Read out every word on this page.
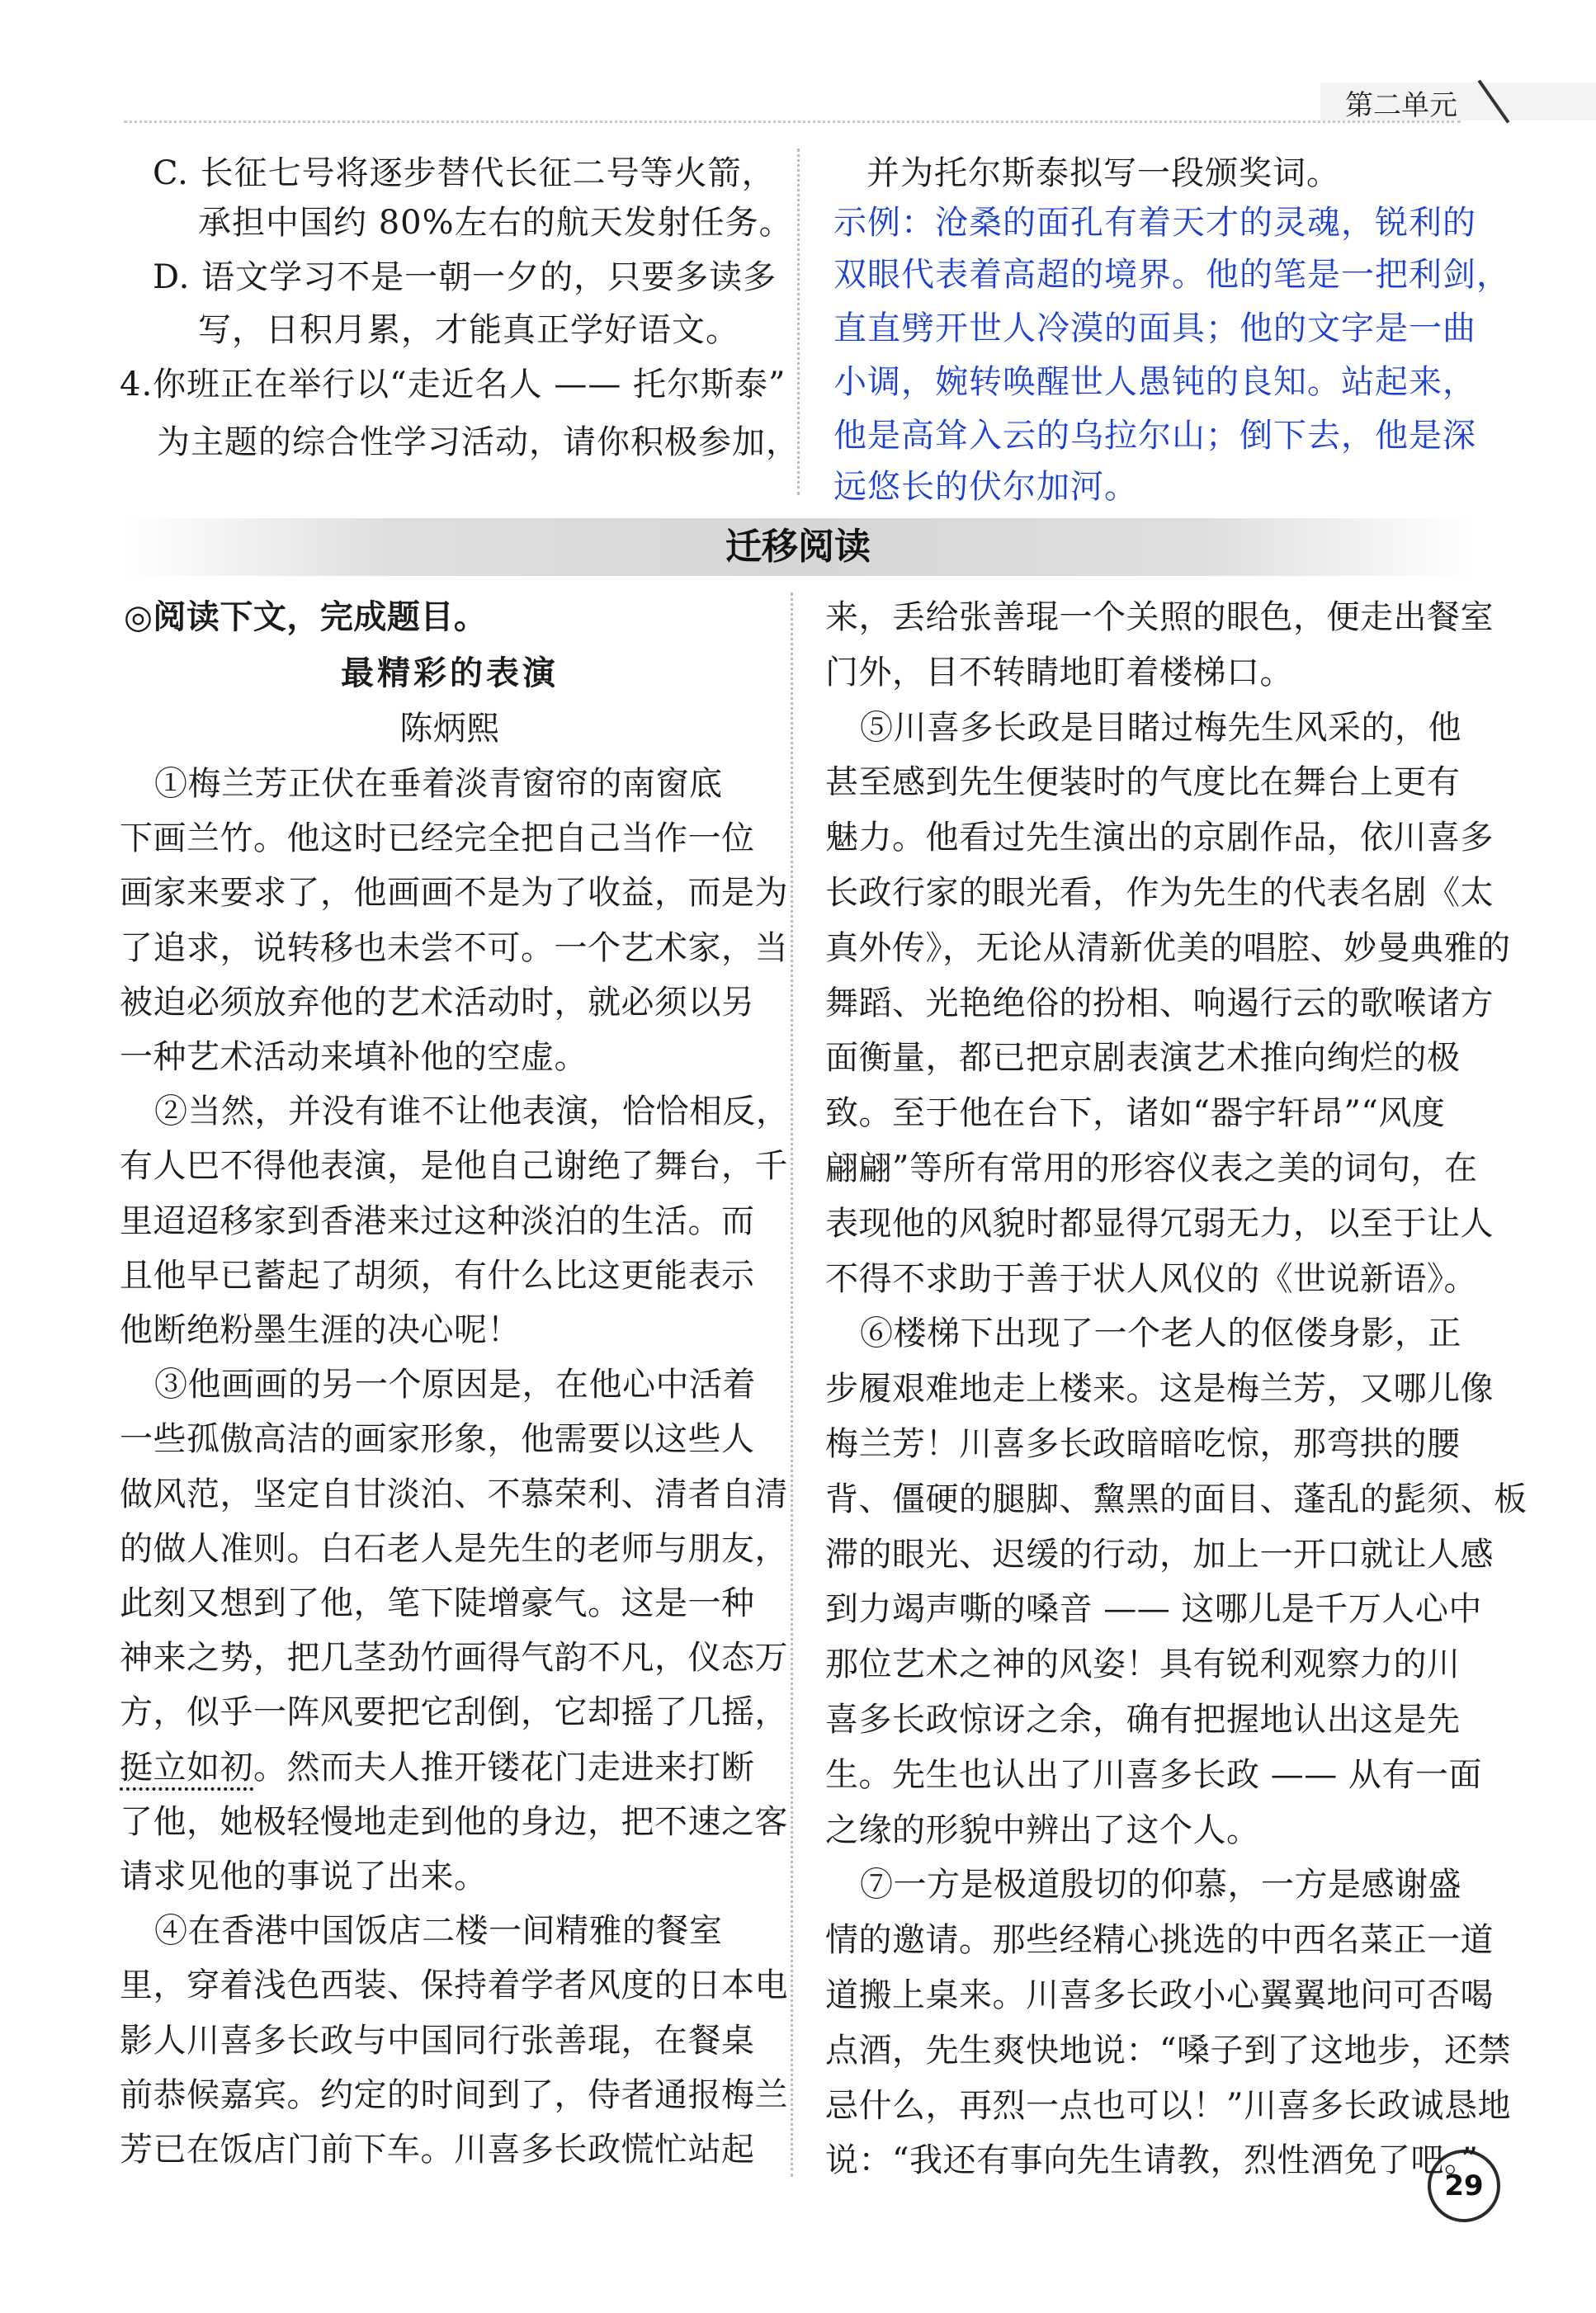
第二单元
C. 长征七号将逐步替代长征二号等火箭，
承担中国约 80%左右的航天发射任务。
D. 语文学习不是一朝一夕的，只要多读多
写，日积月累，才能真正学好语文。
4.你班正在举行以“走近名人 —— 托尔斯泰”
为主题的综合性学习活动，请你积极参加，
并为托尔斯泰拟写一段颁奖词。
示例：沧桑的面孔有着天才的灵魂，锐利的
双眼代表着高超的境界。他的笔是一把利剑，
直直劈开世人冷漠的面具；他的文字是一曲
小调，婉转唤醒世人愚钝的良知。站起来，
他是高耸入云的乌拉尔山；倒下去，他是深
远悠长的伏尔加河。
迁移阅读
◎阅读下文，完成题目。
最精彩的表演
陈炳熙
29
①梅兰芳正伏在垂着淡青窗帘的南窗底
下画兰竹。他这时已经完全把自己当作一位
画家来要求了，他画画不是为了收益，而是为
了追求，说转移也未尝不可。一个艺术家，当
被迫必须放弃他的艺术活动时，就必须以另
一种艺术活动来填补他的空虚。
②当然，并没有谁不让他表演，恰恰相反，
有人巴不得他表演，是他自己谢绝了舞台，千
里迢迢移家到香港来过这种淡泊的生活。而
且他早已蓄起了胡须，有什么比这更能表示
他断绝粉墨生涯的决心呢！
③他画画的另一个原因是，在他心中活着
一些孤傲高洁的画家形象，他需要以这些人
做风范，坚定自甘淡泊、不慕荣利、清者自清
的做人准则。白石老人是先生的老师与朋友，
此刻又想到了他，笔下陡增豪气。这是一种
神来之势，把几茎劲竹画得气韵不凡，仪态万
方，似乎一阵风要把它刮倒，它却摇了几摇，
挺立如初。然而夫人推开镂花门走进来打断
了他，她极轻慢地走到他的身边，把不速之客
请求见他的事说了出来。
④在香港中国饭店二楼一间精雅的餐室
里，穿着浅色西装、保持着学者风度的日本电
影人川喜多长政与中国同行张善琨，在餐桌
前恭候嘉宾。约定的时间到了，侍者通报梅兰
芳已在饭店门前下车。川喜多长政慌忙站起
来，丢给张善琨一个关照的眼色，便走出餐室
门外，目不转睛地盯着楼梯口。
⑤川喜多长政是目睹过梅先生风采的，他
甚至感到先生便装时的气度比在舞台上更有
魅力。他看过先生演出的京剧作品，依川喜多
长政行家的眼光看，作为先生的代表名剧《太
真外传》，无论从清新优美的唱腔、妙曼典雅的
舞蹈、光艳绝俗的扮相、响遏行云的歌喉诸方
面衡量，都已把京剧表演艺术推向绚烂的极
致。至于他在台下，诸如“器宇轩昂”“风度
翩翩”等所有常用的形容仪表之美的词句，在
表现他的风貌时都显得冗弱无力，以至于让人
不得不求助于善于状人风仪的《世说新语》。
⑥楼梯下出现了一个老人的伛偻身影，正
步履艰难地走上楼来。这是梅兰芳，又哪儿像
梅兰芳！川喜多长政暗暗吃惊，那弯拱的腰
背、僵硬的腿脚、黧黑的面目、蓬乱的髭须、板
滞的眼光、迟缓的行动，加上一开口就让人感
到力竭声嘶的嗓音 —— 这哪儿是千万人心中
那位艺术之神的风姿！具有锐利观察力的川
喜多长政惊讶之余，确有把握地认出这是先
生。先生也认出了川喜多长政 —— 从有一面
之缘的形貌中辨出了这个人。
⑦一方是极道殷切的仰慕，一方是感谢盛
情的邀请。那些经精心挑选的中西名菜正一道
道搬上桌来。川喜多长政小心翼翼地问可否喝
点酒，先生爽快地说：“嗓子到了这地步，还禁
忌什么，再烈一点也可以！”川喜多长政诚恳地
说：“我还有事向先生请教，烈性酒免了吧。”
